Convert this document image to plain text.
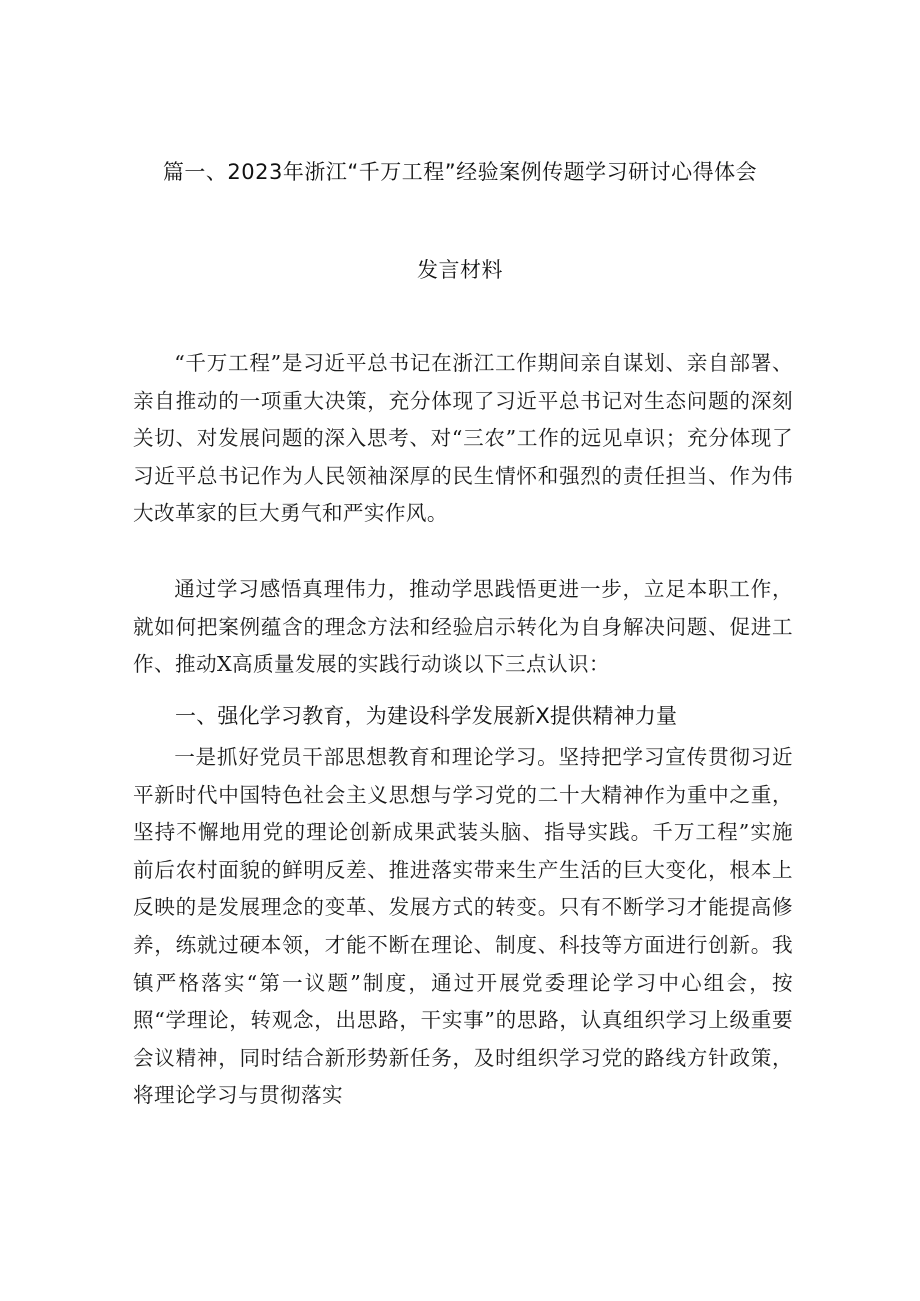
篇一、2023年浙江“千万工程”经验案例传题学习研讨心得体会
发言材料

“千万工程”是习近平总书记在浙江工作期间亲自谋划、亲自部署、亲自推动的一项重大决策，充分体现了习近平总书记对生态问题的深刻关切、对发展问题的深入思考、对“三农”工作的远见卓识；充分体现了习近平总书记作为人民领袖深厚的民生情怀和强烈的责任担当、作为伟大改革家的巨大勇气和严实作风。

通过学习感悟真理伟力，推动学思践悟更进一步，立足本职工作，就如何把案例蕴含的理念方法和经验启示转化为自身解决问题、促进工作、推动X高质量发展的实践行动谈以下三点认识：

一、强化学习教育，为建设科学发展新X提供精神力量

一是抓好党员干部思想教育和理论学习。坚持把学习宣传贯彻习近平新时代中国特色社会主义思想与学习党的二十大精神作为重中之重，坚持不懈地用党的理论创新成果武装头脑、指导实践。千万工程”实施前后农村面貌的鲜明反差、推进落实带来生产生活的巨大变化，根本上反映的是发展理念的变革、发展方式的转变。只有不断学习才能提高修养，练就过硬本领，才能不断在理论、制度、科技等方面进行创新。我镇严格落实“第一议题”制度，通过开展党委理论学习中心组会，按照“学理论，转观念，出思路，干实事”的思路，认真组织学习上级重要会议精神，同时结合新形势新任务，及时组织学习党的路线方针政策，将理论学习与贯彻落实
